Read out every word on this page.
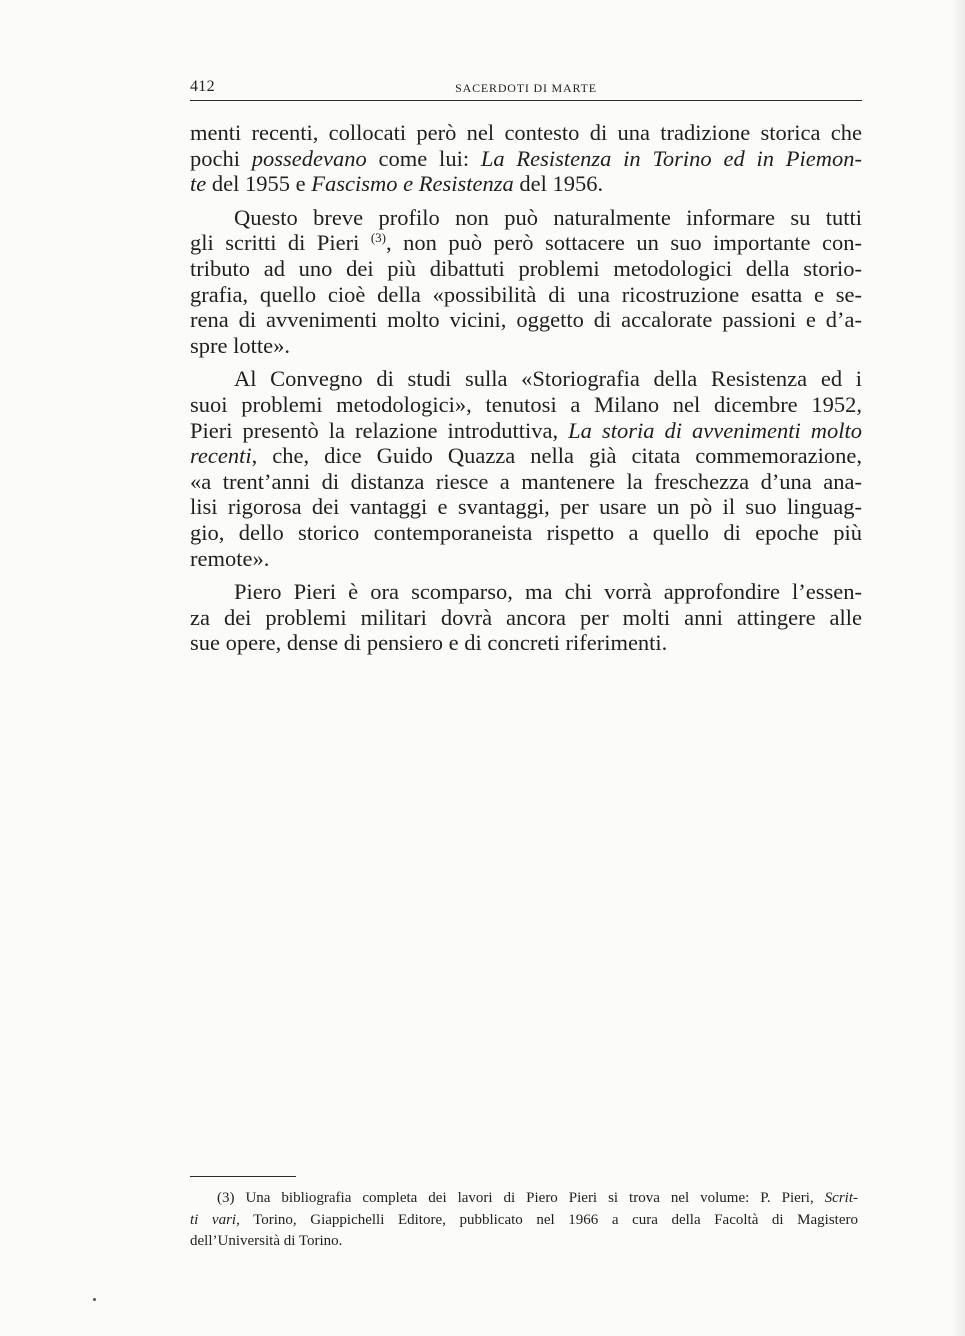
412	SACERDOTI DI MARTE
menti recenti, collocati però nel contesto di una tradizione storica che
pochi possedevano come lui: La Resistenza in Torino ed in Piemon-
te del 1955 e Fascismo e Resistenza del 1956.
Questo breve profilo non può naturalmente informare su tutti
gli scritti di Pieri $^{(3)}$, non può però sottacere un suo importante con-
tributo ad uno dei più dibattuti problemi metodologici della storio-
grafia, quello cioè della «possibilità di una ricostruzione esatta e se-
rena di avvenimenti molto vicini, oggetto di accalorate passioni e d’a-
spre lotte».
Al Convegno di studi sulla «Storiografia della Resistenza ed i
suoi problemi metodologici», tenutosi a Milano nel dicembre 1952,
Pieri presentò la relazione introduttiva, La storia di avvenimenti molto
recenti, che, dice Guido Quazza nella già citata commemorazione,
«a trent’anni di distanza riesce a mantenere la freschezza d’una ana-
lisi rigorosa dei vantaggi e svantaggi, per usare un pò il suo linguag-
gio, dello storico contemporaneista rispetto a quello di epoche più
remote».
Piero Pieri è ora scomparso, ma chi vorrà approfondire l’essen-
za dei problemi militari dovrà ancora per molti anni attingere alle
sue opere, dense di pensiero e di concreti riferimenti.
(3) Una bibliografia completa dei lavori di Piero Pieri si trova nel volume: P. Pieri, Scrit-
ti vari, Torino, Giappichelli Editore, pubblicato nel 1966 a cura della Facoltà di Magistero
dell’Università di Torino.
